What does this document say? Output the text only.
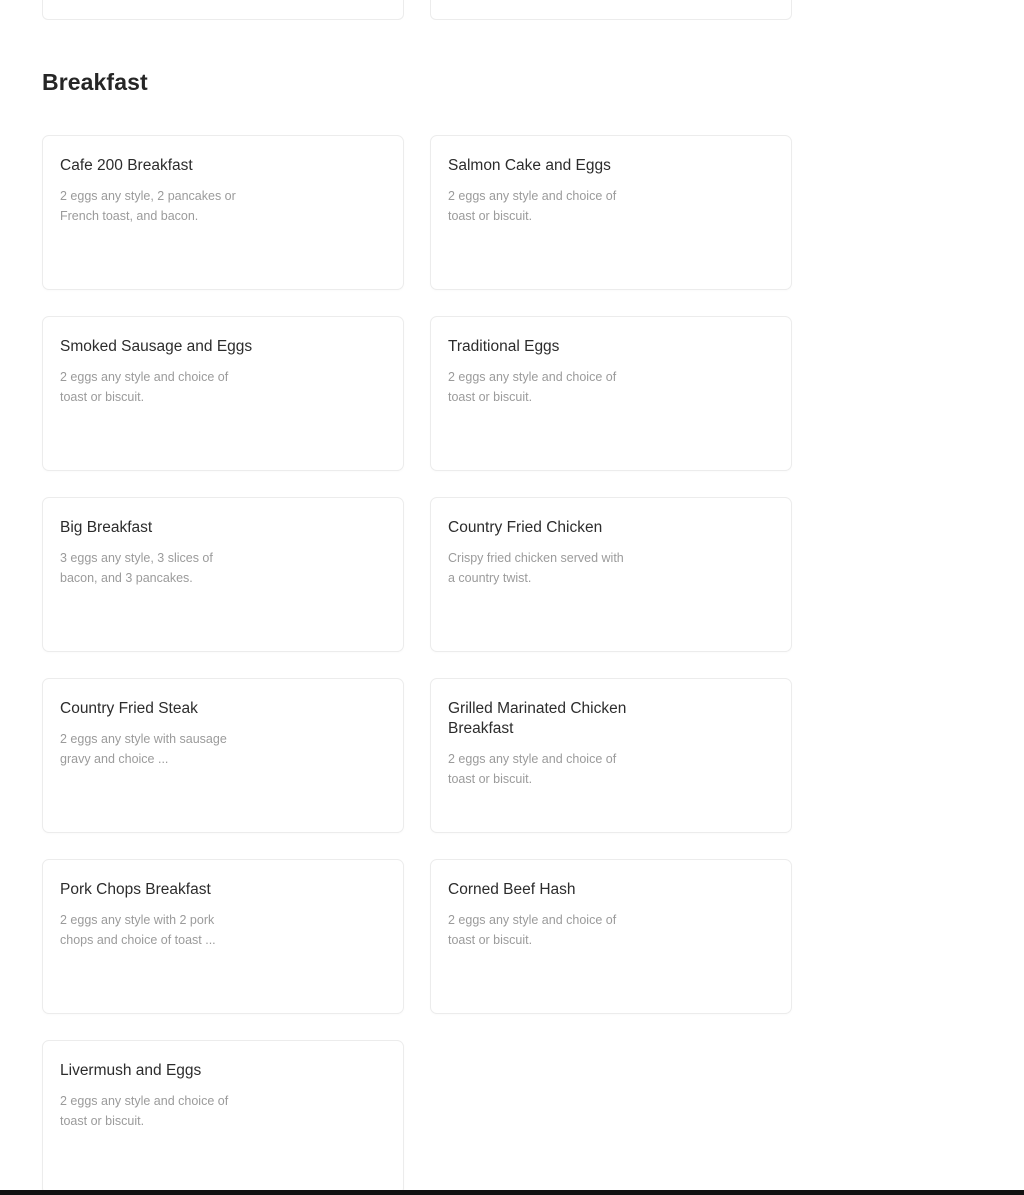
Breakfast
Cafe 200 Breakfast
2 eggs any style, 2 pancakes or French toast, and bacon.
Salmon Cake and Eggs
2 eggs any style and choice of toast or biscuit.
Smoked Sausage and Eggs
2 eggs any style and choice of toast or biscuit.
Traditional Eggs
2 eggs any style and choice of toast or biscuit.
Big Breakfast
3 eggs any style, 3 slices of bacon, and 3 pancakes.
Country Fried Chicken
Crispy fried chicken served with a country twist.
Country Fried Steak
2 eggs any style with sausage gravy and choice ...
Grilled Marinated Chicken Breakfast
2 eggs any style and choice of toast or biscuit.
Pork Chops Breakfast
2 eggs any style with 2 pork chops and choice of toast ...
Corned Beef Hash
2 eggs any style and choice of toast or biscuit.
Livermush and Eggs
2 eggs any style and choice of toast or biscuit.
